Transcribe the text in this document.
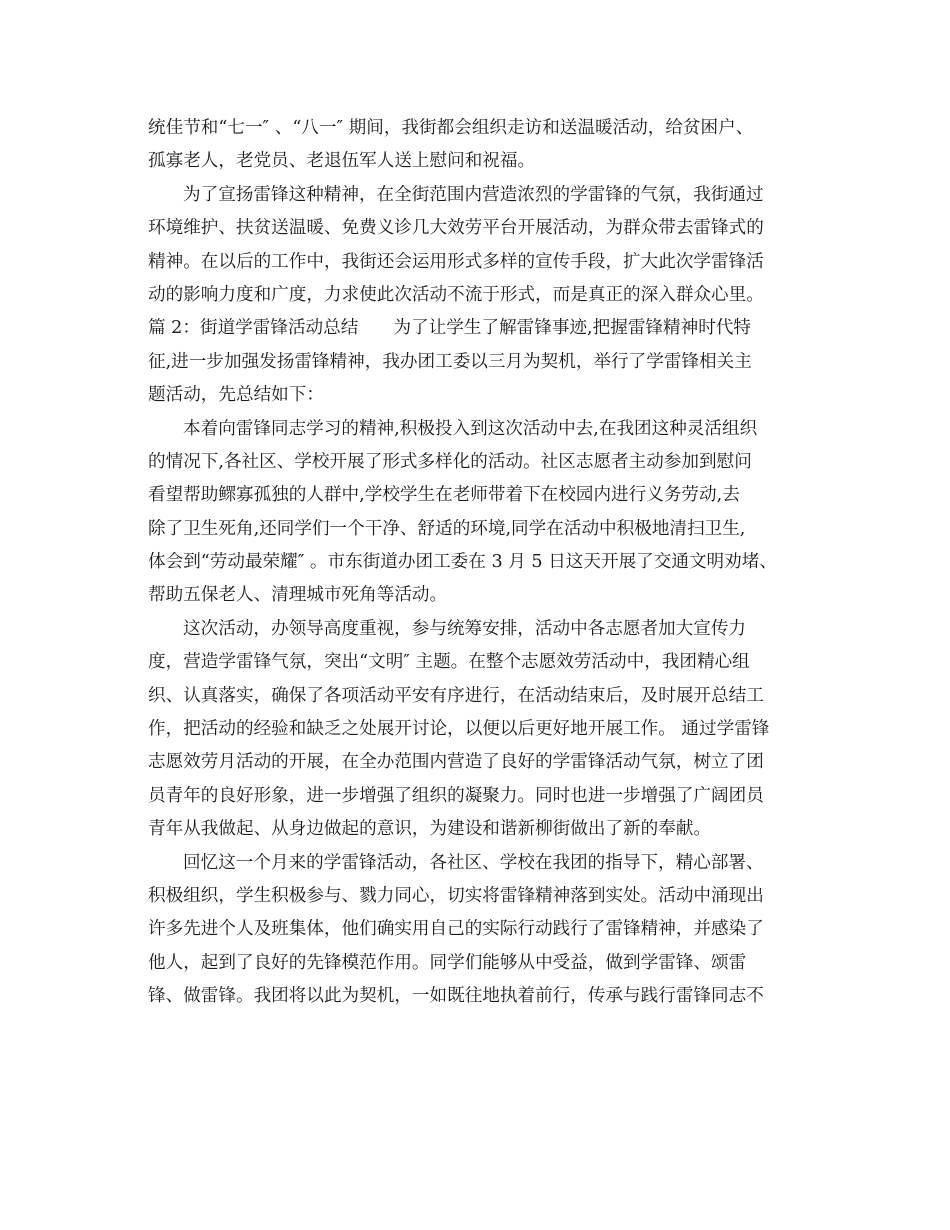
统佳节和“七一″ 、“八一″ 期间，我街都会组织走访和送温暖活动，给贫困户、
孤寡老人，老党员、老退伍军人送上慰问和祝福。
为了宣扬雷锋这种精神，在全街范围内营造浓烈的学雷锋的气氛，我街通过
环境维护、扶贫送温暖、免费义诊几大效劳平台开展活动，为群众带去雷锋式的
精神。在以后的工作中，我街还会运用形式多样的宣传手段，扩大此次学雷锋活
动的影响力度和广度，力求使此次活动不流于形式，而是真正的深入群众心里。
篇 2：街道学雷锋活动总结　　为了让学生了解雷锋事迹,把握雷锋精神时代特
征,进一步加强发扬雷锋精神，我办团工委以三月为契机，举行了学雷锋相关主
题活动，先总结如下：
本着向雷锋同志学习的精神,积极投入到这次活动中去,在我团这种灵活组织
的情况下,各社区、学校开展了形式多样化的活动。社区志愿者主动参加到慰问
看望帮助鳏寡孤独的人群中,学校学生在老师带着下在校园内进行义务劳动,去
除了卫生死角,还同学们一个干净、舒适的环境,同学在活动中积极地清扫卫生,
体会到“劳动最荣耀″ 。市东街道办团工委在 3 月 5 日这天开展了交通文明劝堵、
帮助五保老人、清理城市死角等活动。
这次活动，办领导高度重视，参与统筹安排，活动中各志愿者加大宣传力
度，营造学雷锋气氛，突出“文明″ 主题。在整个志愿效劳活动中，我团精心组
织、认真落实，确保了各项活动平安有序进行，在活动结束后，及时展开总结工
作，把活动的经验和缺乏之处展开讨论，以便以后更好地开展工作。 通过学雷锋
志愿效劳月活动的开展，在全办范围内营造了良好的学雷锋活动气氛，树立了团
员青年的良好形象，进一步增强了组织的凝聚力。同时也进一步增强了广阔团员
青年从我做起、从身边做起的意识，为建设和谐新柳街做出了新的奉献。
回忆这一个月来的学雷锋活动，各社区、学校在我团的指导下，精心部署、
积极组织，学生积极参与、戮力同心，切实将雷锋精神落到实处。活动中涌现出
许多先进个人及班集体，他们确实用自己的实际行动践行了雷锋精神，并感染了
他人，起到了良好的先锋模范作用。同学们能够从中受益，做到学雷锋、颂雷
锋、做雷锋。我团将以此为契机，一如既往地执着前行，传承与践行雷锋同志不
